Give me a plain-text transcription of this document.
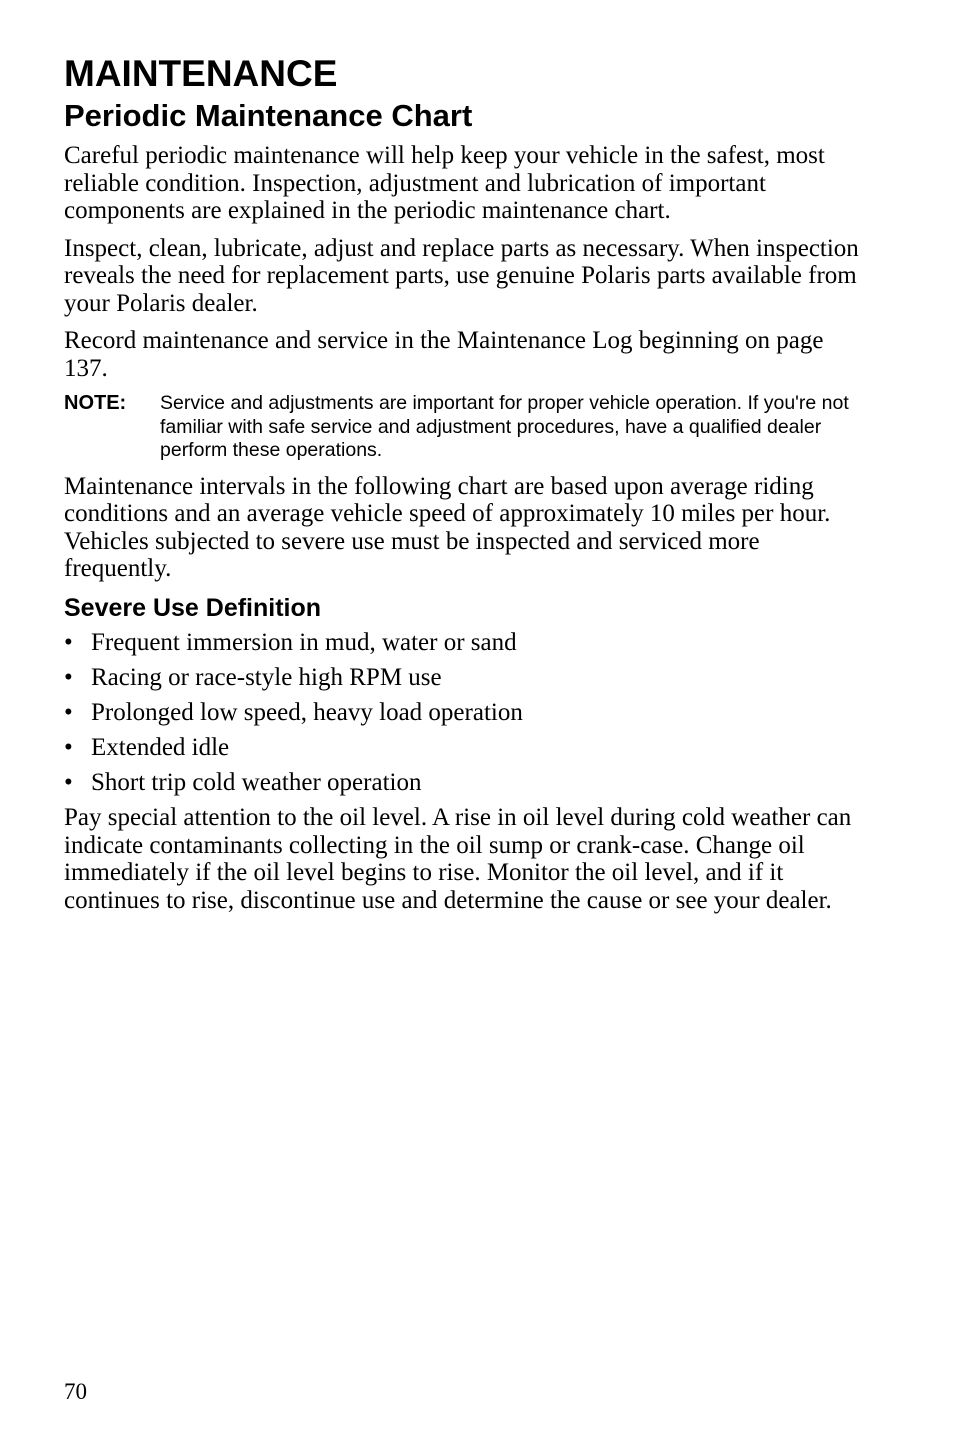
MAINTENANCE
Periodic Maintenance Chart

Careful periodic maintenance will help keep your vehicle in the safest, most reliable condition. Inspection, adjustment and lubrication of important components are explained in the periodic maintenance chart.

Inspect, clean, lubricate, adjust and replace parts as necessary. When inspection reveals the need for replacement parts, use genuine Polaris parts available from your Polaris dealer.

Record maintenance and service in the Maintenance Log beginning on page 137.

NOTE:	Service and adjustments are important for proper vehicle operation. If you're not familiar with safe service and adjustment procedures, have a qualified dealer perform these operations.

Maintenance intervals in the following chart are based upon average riding conditions and an average vehicle speed of approximately 10 miles per hour. Vehicles subjected to severe use must be inspected and serviced more frequently.

Severe Use Definition
• Frequent immersion in mud, water or sand
• Racing or race-style high RPM use
• Prolonged low speed, heavy load operation
• Extended idle
• Short trip cold weather operation

Pay special attention to the oil level. A rise in oil level during cold weather can indicate contaminants collecting in the oil sump or crank-case. Change oil immediately if the oil level begins to rise. Monitor the oil level, and if it continues to rise, discontinue use and determine the cause or see your dealer.

70
